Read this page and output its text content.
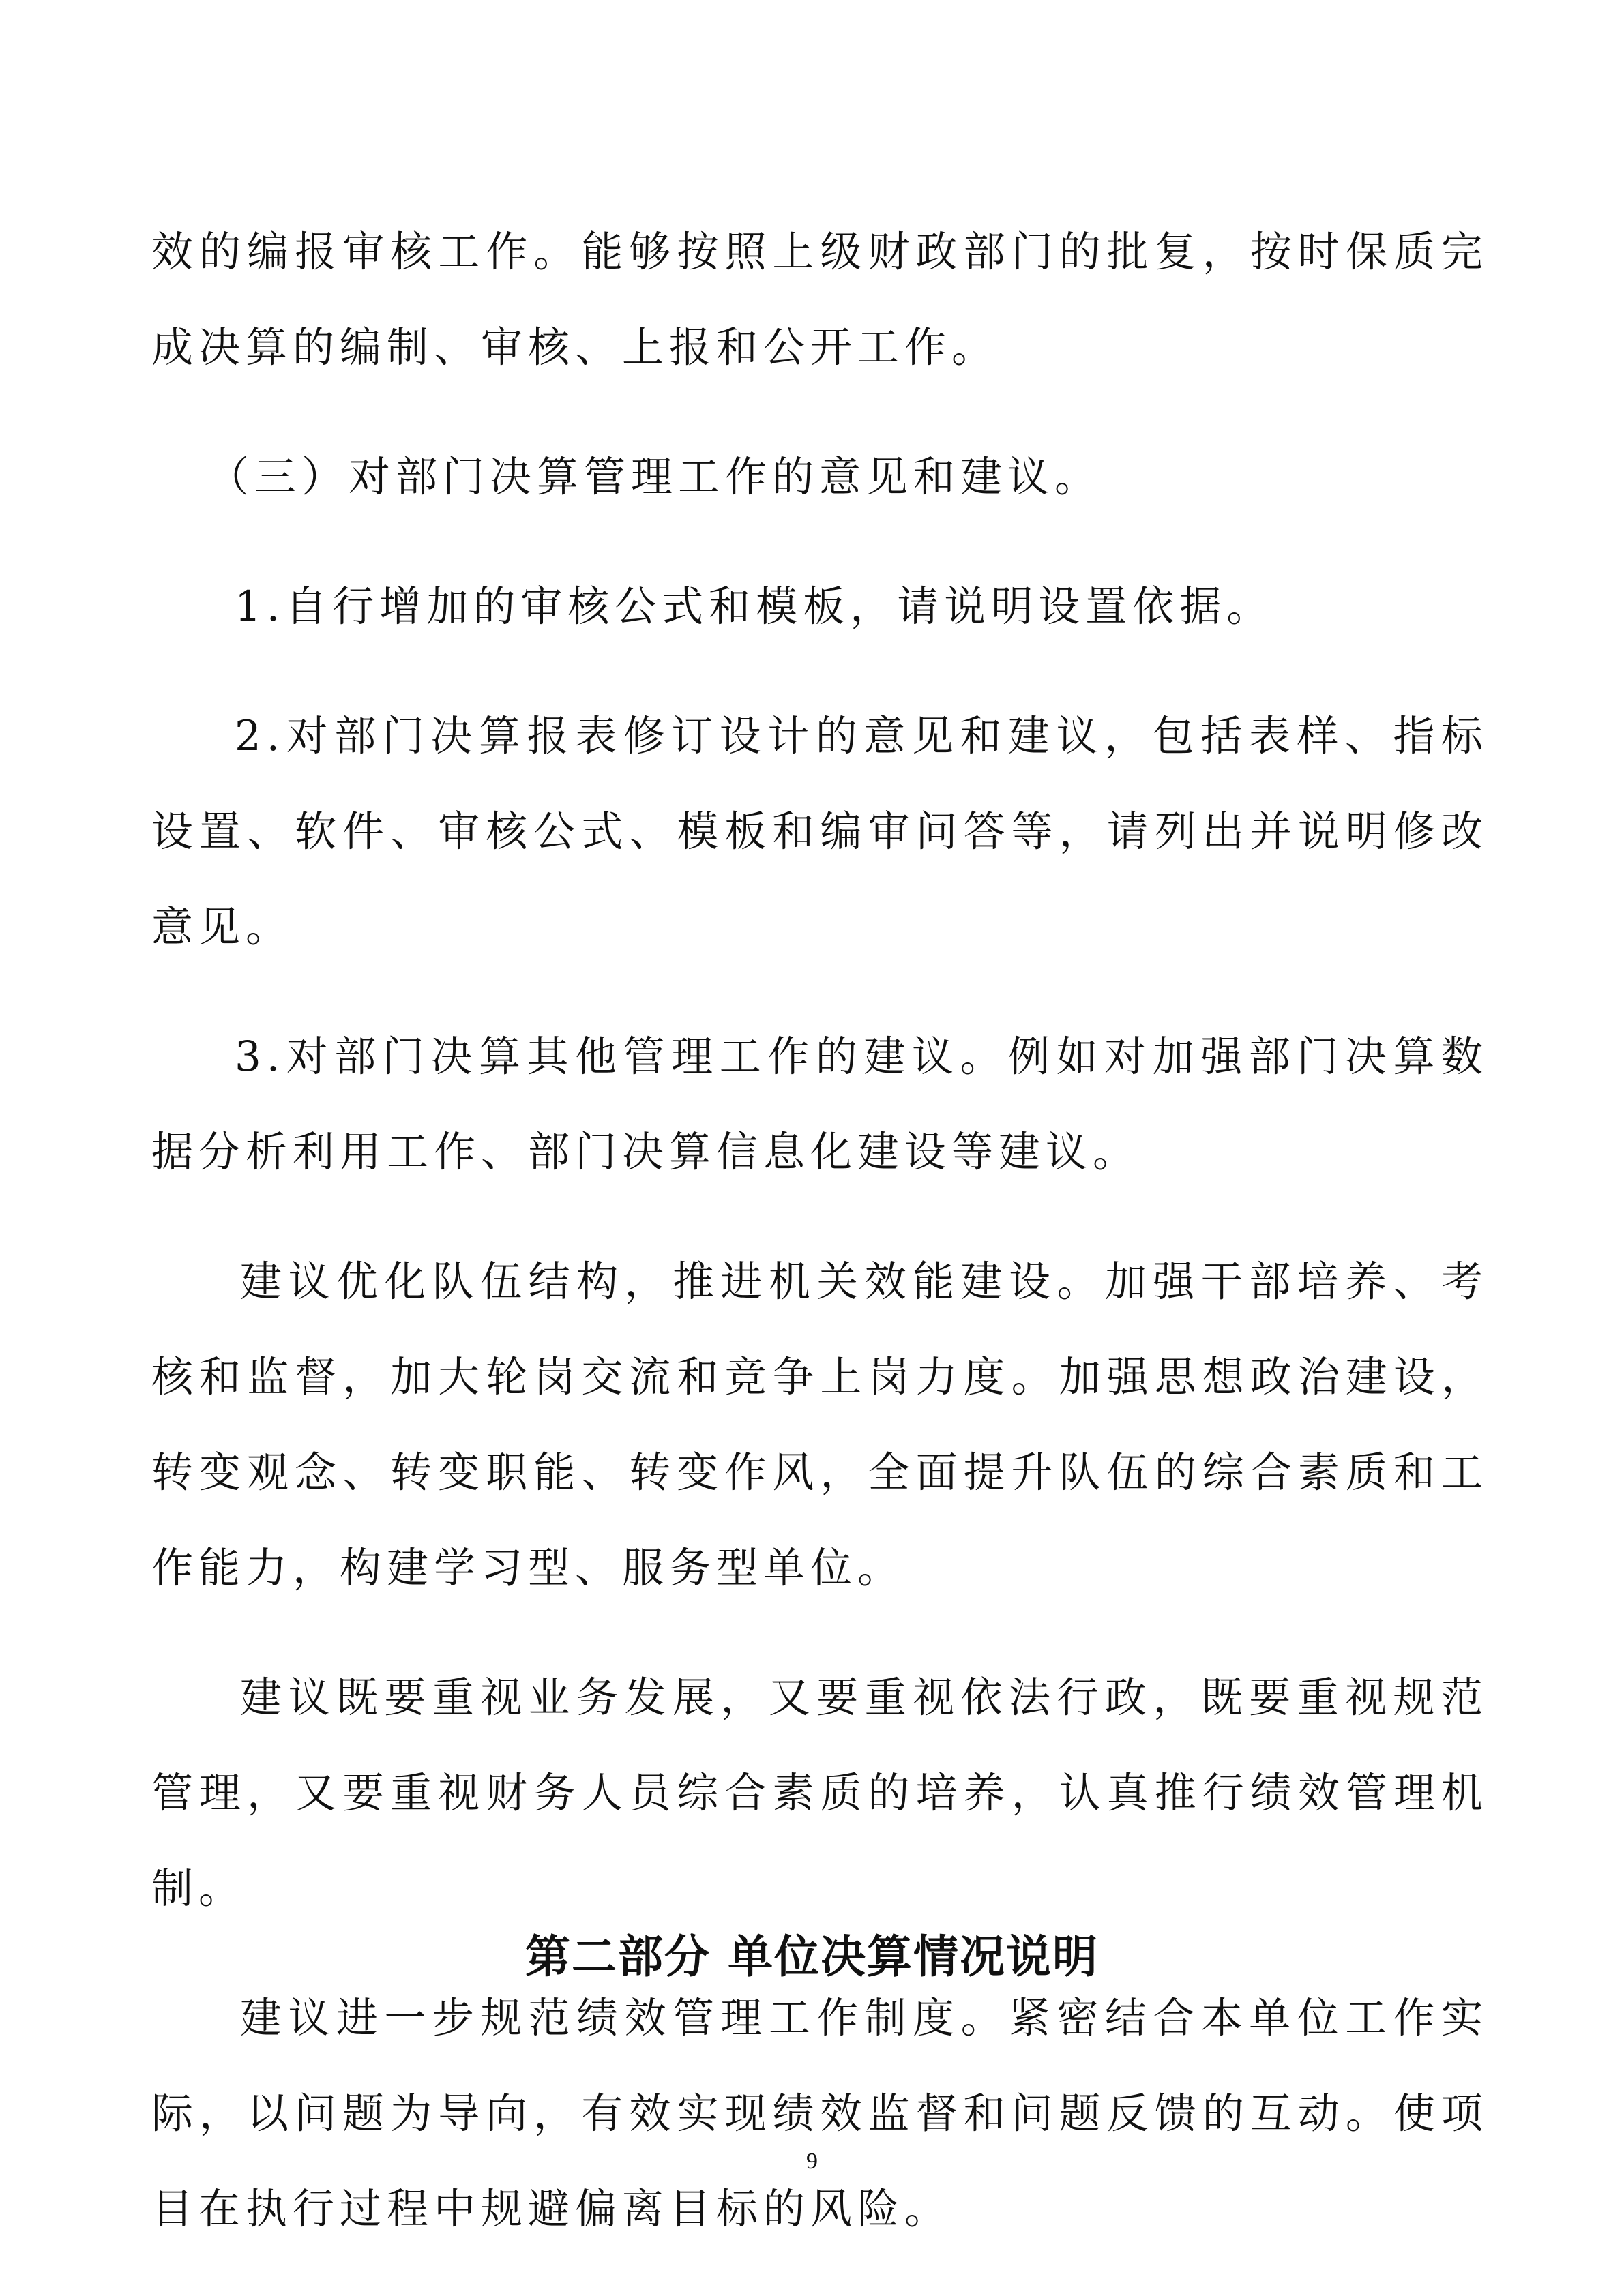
效的编报审核工作。能够按照上级财政部门的批复，按时保质完成决算的编制、审核、上报和公开工作。

（三）对部门决算管理工作的意见和建议。

1.自行增加的审核公式和模板，请说明设置依据。

2.对部门决算报表修订设计的意见和建议，包括表样、指标设置、软件、审核公式、模板和编审问答等，请列出并说明修改意见。

3.对部门决算其他管理工作的建议。例如对加强部门决算数据分析利用工作、部门决算信息化建设等建议。

建议优化队伍结构，推进机关效能建设。加强干部培养、考核和监督，加大轮岗交流和竞争上岗力度。加强思想政治建设，转变观念、转变职能、转变作风，全面提升队伍的综合素质和工作能力，构建学习型、服务型单位。

建议既要重视业务发展，又要重视依法行政，既要重视规范管理，又要重视财务人员综合素质的培养，认真推行绩效管理机制。

建议进一步规范绩效管理工作制度。紧密结合本单位工作实际，以问题为导向，有效实现绩效监督和问题反馈的互动。使项目在执行过程中规避偏离目标的风险。

第二部分 单位决算情况说明
9
